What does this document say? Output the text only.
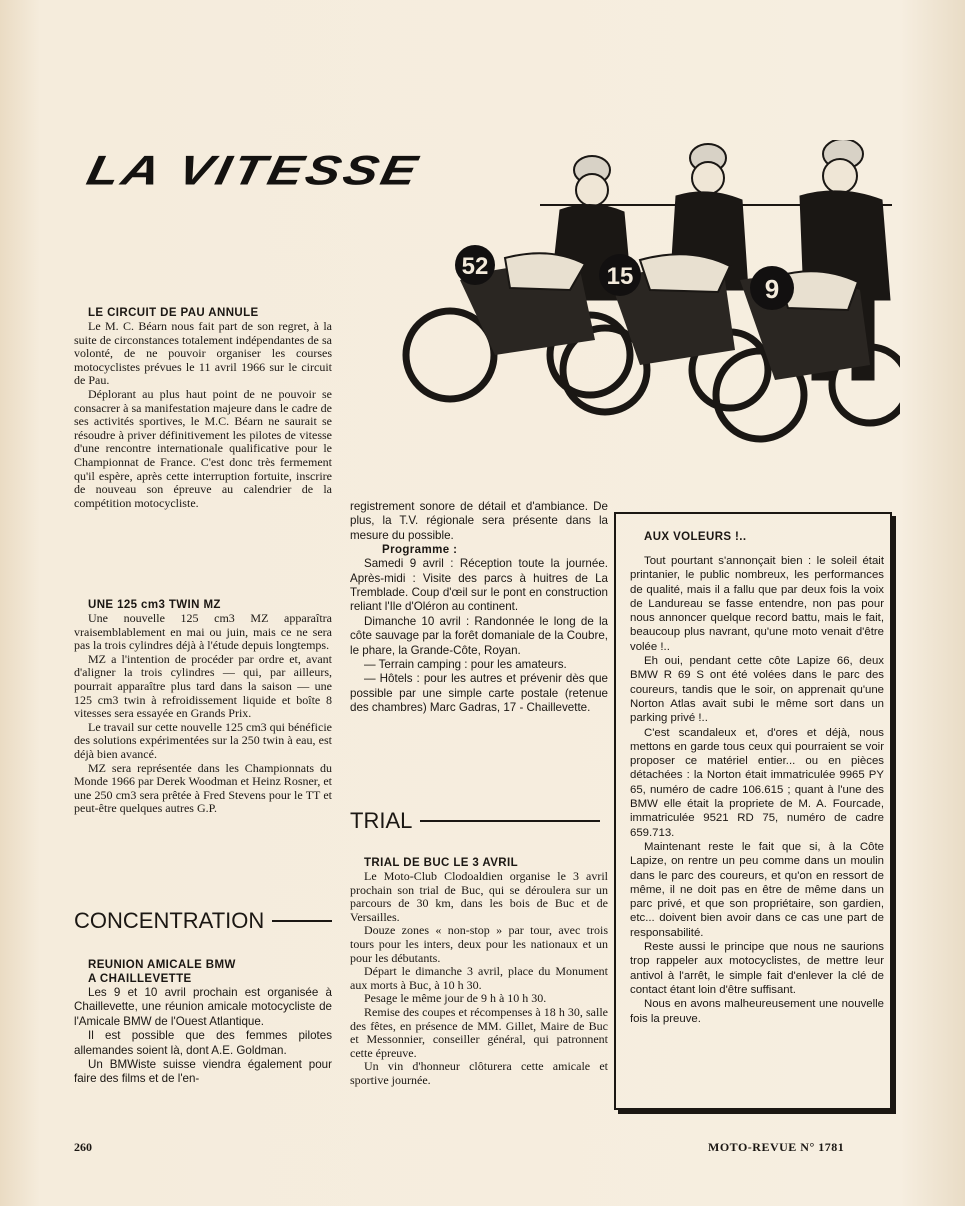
LA VITESSE
52	15	9

LE CIRCUIT DE PAU ANNULE

Le M. C. Béarn nous fait part de son regret, à la suite de circonstances totalement indépendantes de sa volonté, de ne pouvoir organiser les courses motocyclistes prévues le 11 avril 1966 sur le circuit de Pau.

Déplorant au plus haut point de ne pouvoir se consacrer à sa manifestation majeure dans le cadre de ses activités sportives, le M.C. Béarn ne saurait se résoudre à priver définitivement les pilotes de vitesse d'une rencontre internationale qualificative pour le Championnat de France. C'est donc très fermement qu'il espère, après cette interruption fortuite, inscrire de nouveau son épreuve au calendrier de la compétition motocycliste.

UNE 125 cm3 TWIN MZ

Une nouvelle 125 cm3 MZ apparaîtra vraisemblablement en mai ou juin, mais ce ne sera pas la trois cylindres déjà à l'étude depuis longtemps.

MZ a l'intention de procéder par ordre et, avant d'aligner la trois cylindres — qui, par ailleurs, pourrait apparaître plus tard dans la saison — une 125 cm3 twin à refroidissement liquide et boîte 8 vitesses sera essayée en Grands Prix.

Le travail sur cette nouvelle 125 cm3 qui bénéficie des solutions expérimentées sur la 250 twin à eau, est déjà bien avancé.

MZ sera représentée dans les Championnats du Monde 1966 par Derek Woodman et Heinz Rosner, et une 250 cm3 sera prêtée à Fred Stevens pour le TT et peut-être quelques autres G.P.

CONCENTRATION

REUNION AMICALE BMW

A CHAILLEVETTE

Les 9 et 10 avril prochain est organisée à Chaillevette, une réunion amicale motocycliste de l'Amicale BMW de l'Ouest Atlantique.

Il est possible que des femmes pilotes allemandes soient là, dont A.E. Goldman.

Un BMWiste suisse viendra également pour faire des films et de l'en-

registrement sonore de détail et d'ambiance. De plus, la T.V. régionale sera présente dans la mesure du possible.

Programme :

Samedi 9 avril : Réception toute la journée. Après-midi : Visite des parcs à huitres de La Tremblade. Coup d'œil sur le pont en construction reliant l'Ile d'Oléron au continent.

Dimanche 10 avril : Randonnée le long de la côte sauvage par la forêt domaniale de la Coubre, le phare, la Grande-Côte, Royan.

— Terrain camping : pour les amateurs.

— Hôtels : pour les autres et prévenir dès que possible par une simple carte postale (retenue des chambres) Marc Gadras, 17 - Chaillevette.

TRIAL

TRIAL DE BUC LE 3 AVRIL

Le Moto-Club Clodoaldien organise le 3 avril prochain son trial de Buc, qui se déroulera sur un parcours de 30 km, dans les bois de Buc et de Versailles.

Douze zones « non-stop » par tour, avec trois tours pour les inters, deux pour les nationaux et un pour les débutants.

Départ le dimanche 3 avril, place du Monument aux morts à Buc, à 10 h 30.

Pesage le même jour de 9 h à 10 h 30.

Remise des coupes et récompenses à 18 h 30, salle des fêtes, en présence de MM. Gillet, Maire de Buc et Messonnier, conseiller général, qui patronnent cette épreuve.

Un vin d'honneur clôturera cette amicale et sportive journée.

AUX VOLEURS !..

Tout pourtant s'annonçait bien : le soleil était printanier, le public nombreux, les performances de qualité, mais il a fallu que par deux fois la voix de Landureau se fasse entendre, non pas pour nous annoncer quelque record battu, mais le fait, beaucoup plus navrant, qu'une moto venait d'être volée !..

Eh oui, pendant cette côte Lapize 66, deux BMW R 69 S ont été volées dans le parc des coureurs, tandis que le soir, on apprenait qu'une Norton Atlas avait subi le même sort dans un parking privé !..

C'est scandaleux et, d'ores et déjà, nous mettons en garde tous ceux qui pourraient se voir proposer ce matériel entier... ou en pièces détachées : la Norton était immatriculée 9965 PY 65, numéro de cadre 106.615 ; quant à l'une des BMW elle était la propriete de M. A. Fourcade, immatriculée 9521 RD 75, numéro de cadre 659.713.

Maintenant reste le fait que si, à la Côte Lapize, on rentre un peu comme dans un moulin dans le parc des coureurs, et qu'on en ressort de même, il ne doit pas en être de même dans un parc privé, et que son propriétaire, son gardien, etc... doivent bien avoir dans ce cas une part de responsabilité.

Reste aussi le principe que nous ne saurions trop rappeler aux motocyclistes, de mettre leur antivol à l'arrêt, le simple fait d'enlever la clé de contact étant loin d'être suffisant.

Nous en avons malheureusement une nouvelle fois la preuve.

260	MOTO-REVUE N° 1781
